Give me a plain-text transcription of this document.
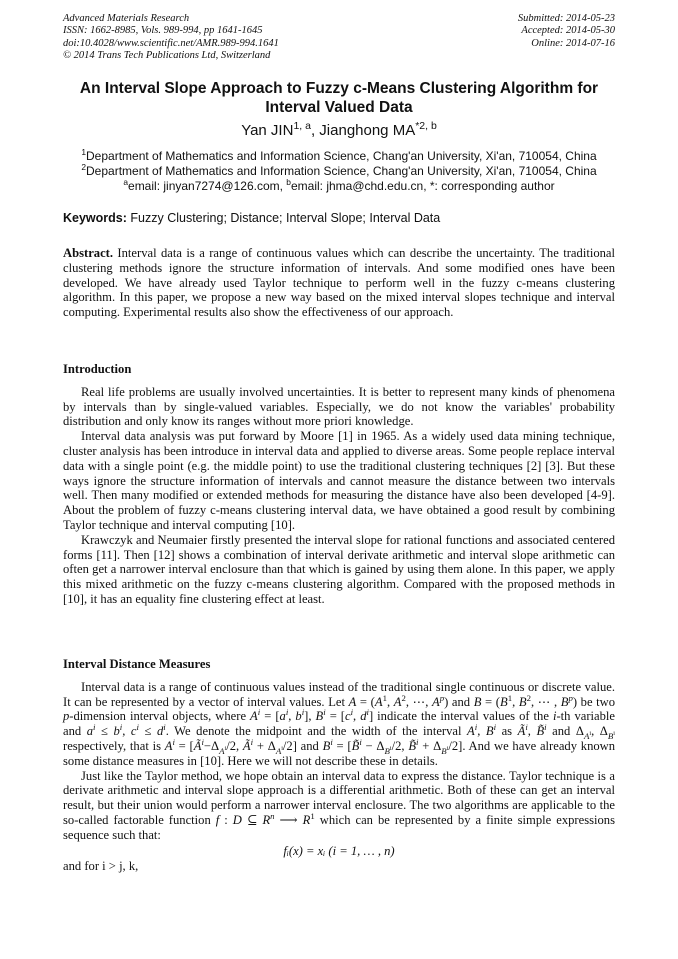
Advanced Materials Research
ISSN: 1662-8985, Vols. 989-994, pp 1641-1645
doi:10.4028/www.scientific.net/AMR.989-994.1641
© 2014 Trans Tech Publications Ltd, Switzerland
Submitted: 2014-05-23
Accepted: 2014-05-30
Online: 2014-07-16
An Interval Slope Approach to Fuzzy c-Means Clustering Algorithm for
Interval Valued Data
Yan JIN$^{1, a}$, Jianghong MA$^{*2, b}$
$^1$Department of Mathematics and Information Science, Chang'an University, Xi'an, 710054, China
$^2$Department of Mathematics and Information Science, Chang'an University, Xi'an, 710054, China
$^a$email: jinyan7274@126.com, $^b$email: jhma@chd.edu.cn, *: corresponding author
Keywords: Fuzzy Clustering; Distance; Interval Slope; Interval Data

Abstract. Interval data is a range of continuous values which can describe the uncertainty. The traditional clustering methods ignore the structure information of intervals. And some modified ones have been developed. We have already used Taylor technique to perform well in the fuzzy c-means clustering algorithm. In this paper, we propose a new way based on the mixed interval slopes technique and interval computing. Experimental results also show the effectiveness of our approach.

Introduction

Real life problems are usually involved uncertainties. It is better to represent many kinds of phenomena by intervals than by single-valued variables. Especially, we do not know the variables' probability distribution and only know its ranges without more priori knowledge.

Interval data analysis was put forward by Moore [1] in 1965. As a widely used data mining technique, cluster analysis has been introduce in interval data and applied to diverse areas. Some people replace interval data with a single point (e.g. the middle point) to use the traditional clustering techniques [2] [3]. But these ways ignore the structure information of intervals and cannot measure the distance between two intervals well. Then many modified or extended methods for measuring the distance have also been developed [4-9]. About the problem of fuzzy c-means clustering interval data, we have obtained a good result by combining Taylor technique and interval computing [10].

Krawczyk and Neumaier firstly presented the interval slope for rational functions and associated centered forms [11]. Then [12] shows a combination of interval derivate arithmetic and interval slope arithmetic can often get a narrower interval enclosure than that which is gained by using them alone. In this paper, we apply this mixed arithmetic on the fuzzy c-means clustering algorithm. Compared with the proposed methods in [10], it has an equality fine clustering effect at least.

Interval Distance Measures

Interval data is a range of continuous values instead of the traditional single continuous or discrete value. It can be represented by a vector of interval values. Let $A = (A^1$, $A^2$, ⋯, $A^p$) and $B = (B^1$, $B^2$, ⋯ , $B^p$) be two p-dimension interval objects, where $A^i = [a^i$, $b^i$], $B^i = [c^i$, $d^i$] indicate the interval values of the i-th variable and $a^i \le b^i$, $c^i \le d^i$. We denote the midpoint and the width of the interval $A^i$, $B^i$ as $Ã^i$, B̃$^i$ and $\Delta_{A^i}$, $\Delta_{B^i}$ respectively, that is $A^i$ = [$Ã^i-\Delta_{A^i}/2$, $Ã^i + \Delta_{A^i}/2$] and $B^i$ = [B̃$^i$ − $\Delta_{B^i}/2$, B̃$^i$ + $\Delta_{B^i}/2$]. And we have already known some distance measures in [10]. Here we will not describe these in details.

Just like the Taylor method, we hope obtain an interval data to express the distance. Taylor technique is a derivate arithmetic and interval slope approach is a differential arithmetic. Both of these can get an interval result, but their union would perform a narrower interval enclosure. The two algorithms are applicable to the so-called factorable function f : D ⊆ $R^n$ ⟶ $R^1$ which can be represented by a finite simple expressions sequence such that:

fᵢ(x) = xᵢ (i = 1, … , n)

and for i > j, k,
